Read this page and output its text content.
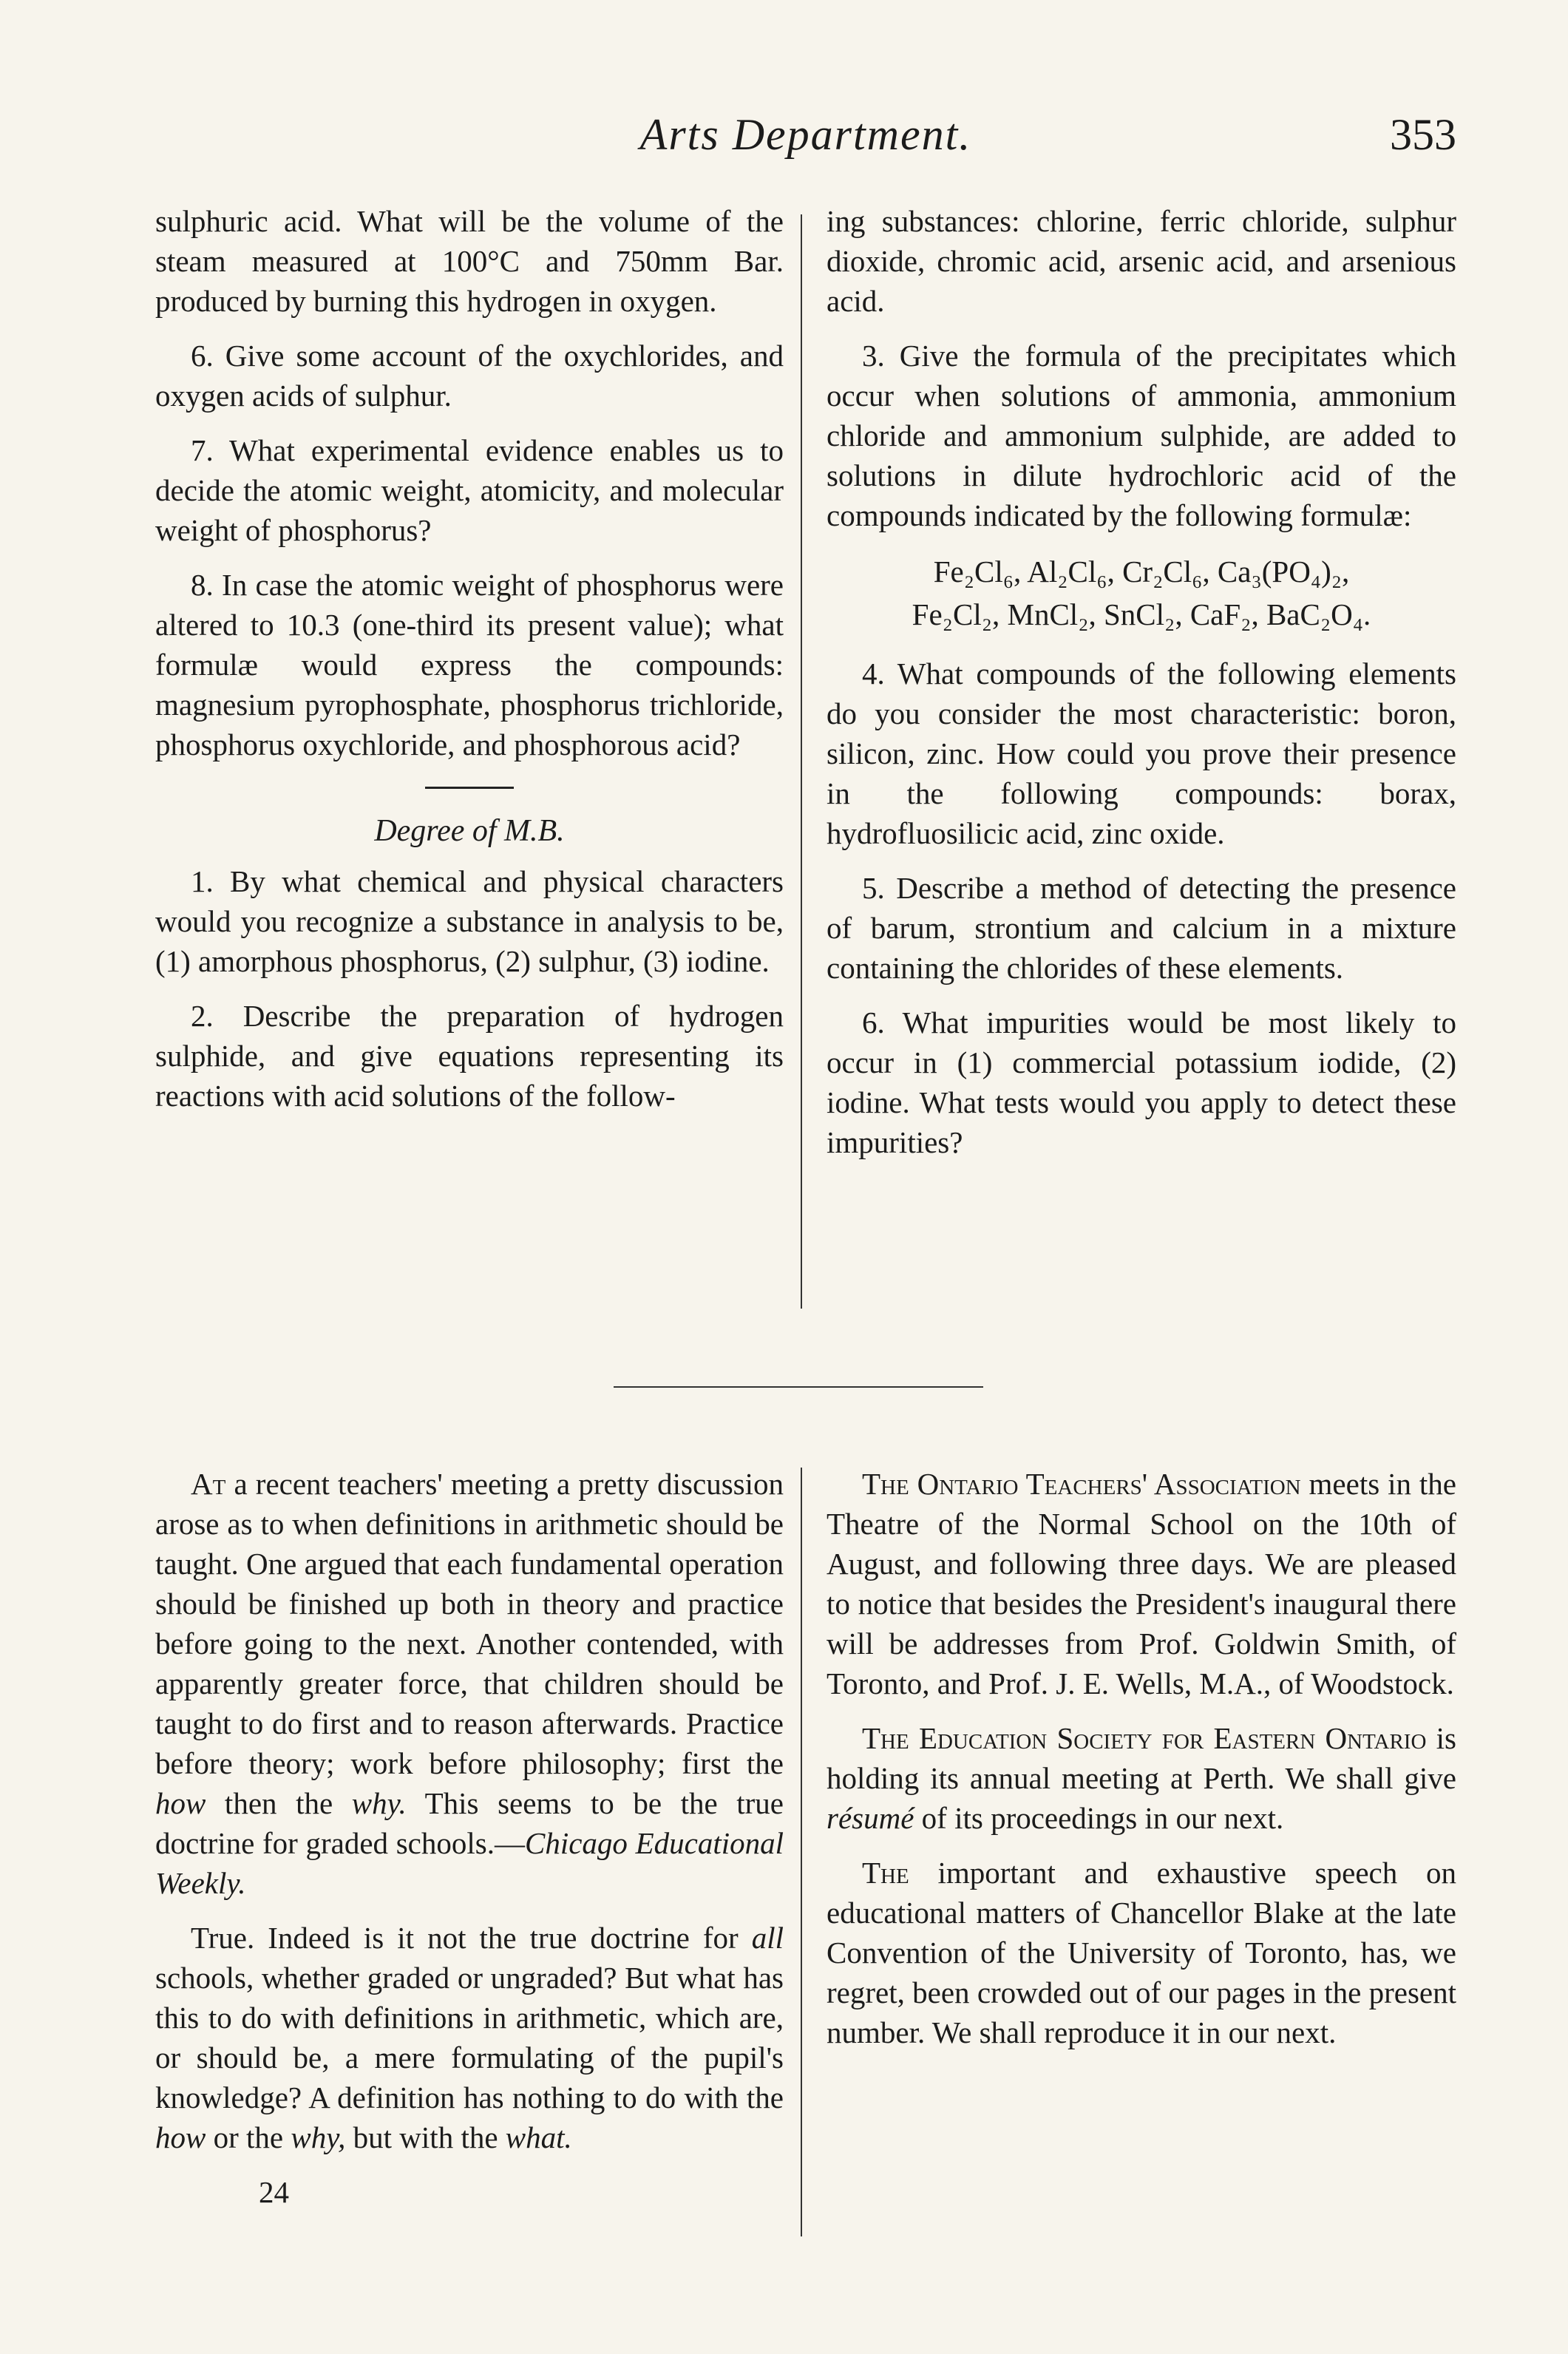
Arts Department.	353

sulphuric acid. What will be the volume of the steam measured at 100°C and 750mm Bar. produced by burning this hydrogen in oxygen.

6. Give some account of the oxychlorides, and oxygen acids of sulphur.

7. What experimental evidence enables us to decide the atomic weight, atomicity, and molecular weight of phosphorus?

8. In case the atomic weight of phosphorus were altered to 10.3 (one-third its present value); what formulæ would express the compounds: magnesium pyrophosphate, phosphorus trichloride, phosphorus oxychloride, and phosphorous acid?

Degree of M.B.

1. By what chemical and physical characters would you recognize a substance in analysis to be, (1) amorphous phosphorus, (2) sulphur, (3) iodine.

2. Describe the preparation of hydrogen sulphide, and give equations representing its reactions with acid solutions of the follow-

ing substances: chlorine, ferric chloride, sulphur dioxide, chromic acid, arsenic acid, and arsenious acid.

3. Give the formula of the precipitates which occur when solutions of ammonia, ammonium chloride and ammonium sulphide, are added to solutions in dilute hydrochloric acid of the compounds indicated by the following formulæ:

Fe₂Cl₆, Al₂Cl₆, Cr₂Cl₆, Ca₃(PO₄)₂,
Fe₂Cl₂, MnCl₂, SnCl₂, CaF₂, BaC₂O₄.

4. What compounds of the following elements do you consider the most characteristic: boron, silicon, zinc. How could you prove their presence in the following compounds: borax, hydrofluosilicic acid, zinc oxide.

5. Describe a method of detecting the presence of barum, strontium and calcium in a mixture containing the chlorides of these elements.

6. What impurities would be most likely to occur in (1) commercial potassium iodide, (2) iodine. What tests would you apply to detect these impurities?

At a recent teachers' meeting a pretty discussion arose as to when definitions in arithmetic should be taught. One argued that each fundamental operation should be finished up both in theory and practice before going to the next. Another contended, with apparently greater force, that children should be taught to do first and to reason afterwards. Practice before theory; work before philosophy; first the how then the why. This seems to be the true doctrine for graded schools.—Chicago Educational Weekly.

True. Indeed is it not the true doctrine for all schools, whether graded or ungraded? But what has this to do with definitions in arithmetic, which are, or should be, a mere formulating of the pupil's knowledge? A definition has nothing to do with the how or the why, but with the what.

24

The Ontario Teachers' Association meets in the Theatre of the Normal School on the 10th of August, and following three days. We are pleased to notice that besides the President's inaugural there will be addresses from Prof. Goldwin Smith, of Toronto, and Prof. J. E. Wells, M.A., of Woodstock.

The Education Society for Eastern Ontario is holding its annual meeting at Perth. We shall give résumé of its proceedings in our next.

The important and exhaustive speech on educational matters of Chancellor Blake at the late Convention of the University of Toronto, has, we regret, been crowded out of our pages in the present number. We shall reproduce it in our next.
